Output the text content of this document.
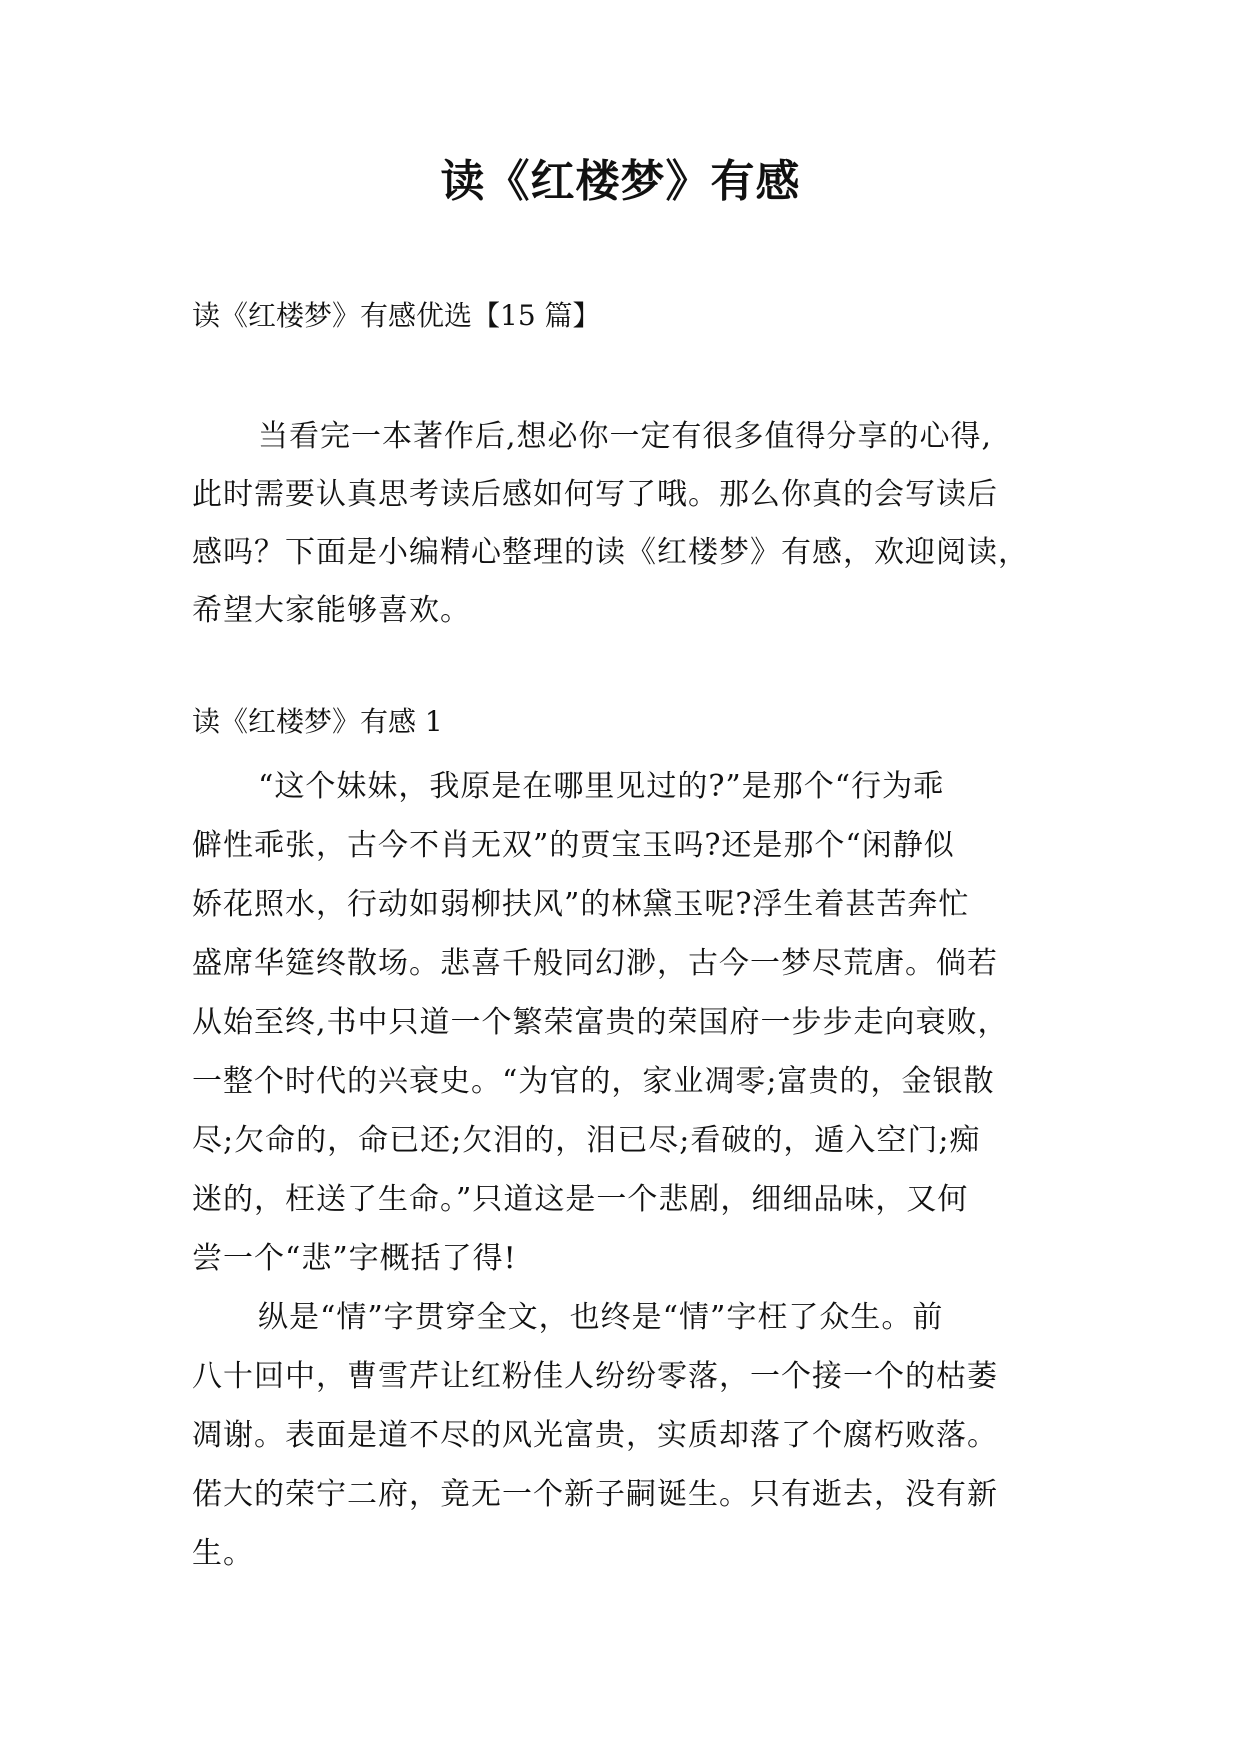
读《红楼梦》有感
读《红楼梦》有感优选【15 篇】
当看完一本著作后,想必你一定有很多值得分享的心得,
此时需要认真思考读后感如何写了哦。那么你真的会写读后
感吗？下面是小编精心整理的读《红楼梦》有感，欢迎阅读，
希望大家能够喜欢。
读《红楼梦》有感 1
“这个妹妹，我原是在哪里见过的?”是那个“行为乖
僻性乖张，古今不肖无双”的贾宝玉吗?还是那个“闲静似
娇花照水，行动如弱柳扶风”的林黛玉呢?浮生着甚苦奔忙
盛席华筵终散场。悲喜千般同幻渺，古今一梦尽荒唐。倘若
从始至终,书中只道一个繁荣富贵的荣国府一步步走向衰败，
一整个时代的兴衰史。“为官的，家业凋零;富贵的，金银散
尽;欠命的，命已还;欠泪的，泪已尽;看破的，遁入空门;痴
迷的，枉送了生命。”只道这是一个悲剧，细细品味，又何
尝一个“悲”字概括了得!
纵是“情”字贯穿全文，也终是“情”字枉了众生。前
八十回中，曹雪芹让红粉佳人纷纷零落，一个接一个的枯萎
凋谢。表面是道不尽的风光富贵，实质却落了个腐朽败落。
偌大的荣宁二府，竟无一个新子嗣诞生。只有逝去，没有新
生。
